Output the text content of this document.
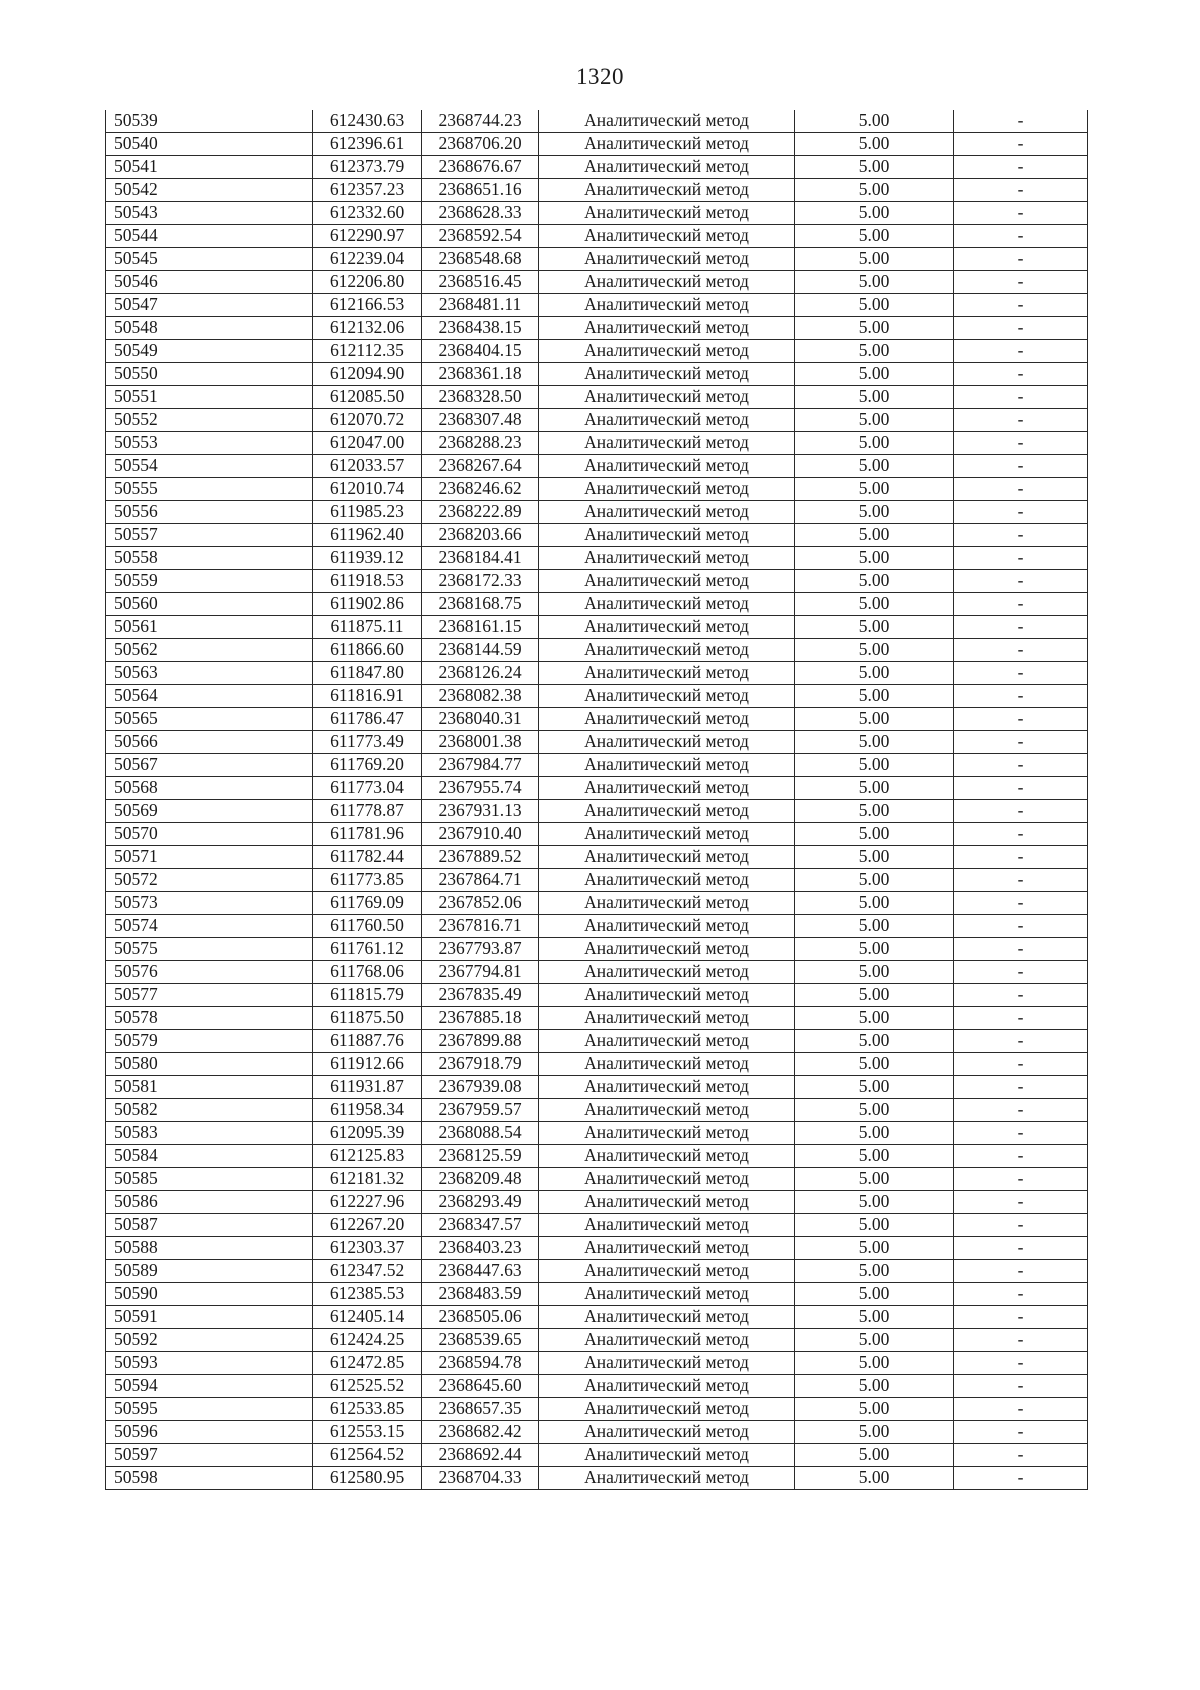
1320
50539	612430.63	2368744.23	Аналитический метод	5.00	-
50540	612396.61	2368706.20	Аналитический метод	5.00	-
50541	612373.79	2368676.67	Аналитический метод	5.00	-
50542	612357.23	2368651.16	Аналитический метод	5.00	-
50543	612332.60	2368628.33	Аналитический метод	5.00	-
50544	612290.97	2368592.54	Аналитический метод	5.00	-
50545	612239.04	2368548.68	Аналитический метод	5.00	-
50546	612206.80	2368516.45	Аналитический метод	5.00	-
50547	612166.53	2368481.11	Аналитический метод	5.00	-
50548	612132.06	2368438.15	Аналитический метод	5.00	-
50549	612112.35	2368404.15	Аналитический метод	5.00	-
50550	612094.90	2368361.18	Аналитический метод	5.00	-
50551	612085.50	2368328.50	Аналитический метод	5.00	-
50552	612070.72	2368307.48	Аналитический метод	5.00	-
50553	612047.00	2368288.23	Аналитический метод	5.00	-
50554	612033.57	2368267.64	Аналитический метод	5.00	-
50555	612010.74	2368246.62	Аналитический метод	5.00	-
50556	611985.23	2368222.89	Аналитический метод	5.00	-
50557	611962.40	2368203.66	Аналитический метод	5.00	-
50558	611939.12	2368184.41	Аналитический метод	5.00	-
50559	611918.53	2368172.33	Аналитический метод	5.00	-
50560	611902.86	2368168.75	Аналитический метод	5.00	-
50561	611875.11	2368161.15	Аналитический метод	5.00	-
50562	611866.60	2368144.59	Аналитический метод	5.00	-
50563	611847.80	2368126.24	Аналитический метод	5.00	-
50564	611816.91	2368082.38	Аналитический метод	5.00	-
50565	611786.47	2368040.31	Аналитический метод	5.00	-
50566	611773.49	2368001.38	Аналитический метод	5.00	-
50567	611769.20	2367984.77	Аналитический метод	5.00	-
50568	611773.04	2367955.74	Аналитический метод	5.00	-
50569	611778.87	2367931.13	Аналитический метод	5.00	-
50570	611781.96	2367910.40	Аналитический метод	5.00	-
50571	611782.44	2367889.52	Аналитический метод	5.00	-
50572	611773.85	2367864.71	Аналитический метод	5.00	-
50573	611769.09	2367852.06	Аналитический метод	5.00	-
50574	611760.50	2367816.71	Аналитический метод	5.00	-
50575	611761.12	2367793.87	Аналитический метод	5.00	-
50576	611768.06	2367794.81	Аналитический метод	5.00	-
50577	611815.79	2367835.49	Аналитический метод	5.00	-
50578	611875.50	2367885.18	Аналитический метод	5.00	-
50579	611887.76	2367899.88	Аналитический метод	5.00	-
50580	611912.66	2367918.79	Аналитический метод	5.00	-
50581	611931.87	2367939.08	Аналитический метод	5.00	-
50582	611958.34	2367959.57	Аналитический метод	5.00	-
50583	612095.39	2368088.54	Аналитический метод	5.00	-
50584	612125.83	2368125.59	Аналитический метод	5.00	-
50585	612181.32	2368209.48	Аналитический метод	5.00	-
50586	612227.96	2368293.49	Аналитический метод	5.00	-
50587	612267.20	2368347.57	Аналитический метод	5.00	-
50588	612303.37	2368403.23	Аналитический метод	5.00	-
50589	612347.52	2368447.63	Аналитический метод	5.00	-
50590	612385.53	2368483.59	Аналитический метод	5.00	-
50591	612405.14	2368505.06	Аналитический метод	5.00	-
50592	612424.25	2368539.65	Аналитический метод	5.00	-
50593	612472.85	2368594.78	Аналитический метод	5.00	-
50594	612525.52	2368645.60	Аналитический метод	5.00	-
50595	612533.85	2368657.35	Аналитический метод	5.00	-
50596	612553.15	2368682.42	Аналитический метод	5.00	-
50597	612564.52	2368692.44	Аналитический метод	5.00	-
50598	612580.95	2368704.33	Аналитический метод	5.00	-
